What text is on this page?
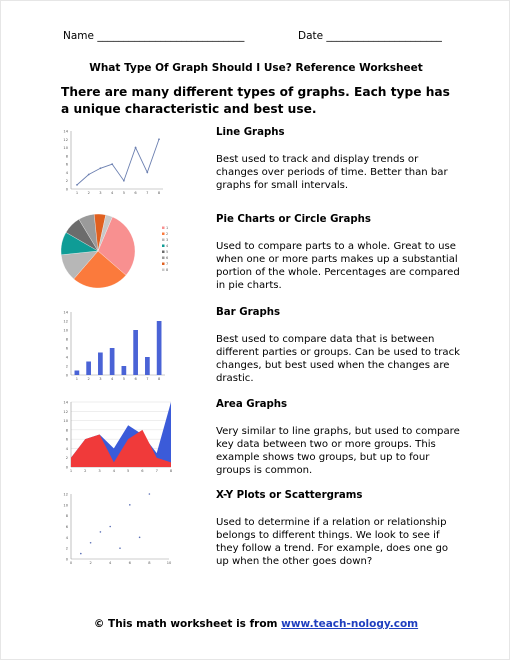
Name ____________________________	Date ______________________
What Type Of Graph Should I Use? Reference Worksheet
There are many different types of graphs. Each type has a unique characteristic and best use.
0
2
4
6
8
10
12
14
1	2	3	4	5	6	7	8
1
2
3
4
5
6
7
8
0
2
4
6
8
10
12
14
1	2	3	4	5	6	7	8
0
2
4
6
8
10
12
14
1	2	3	4	5	6	7	8
0
2
4
6
8
10
12
0	2	4	6	8	10
Line Graphs

Best used to track and display trends or changes over periods of time. Better than bar graphs for small intervals.

Pie Charts or Circle Graphs

Used to compare parts to a whole. Great to use when one or more parts makes up a substantial portion of the whole. Percentages are compared in pie charts.

Bar Graphs

Best used to compare data that is between different parties or groups. Can be used to track changes, but best used when the changes are drastic.

Area Graphs

Very similar to line graphs, but used to compare key data between two or more groups. This example shows two groups, but up to four groups is common.

X-Y Plots or Scattergrams

Used to determine if a relation or relationship belongs to different things. We look to see if they follow a trend. For example, does one go up when the other goes down?

© This math worksheet is from www.teach-nology.com
